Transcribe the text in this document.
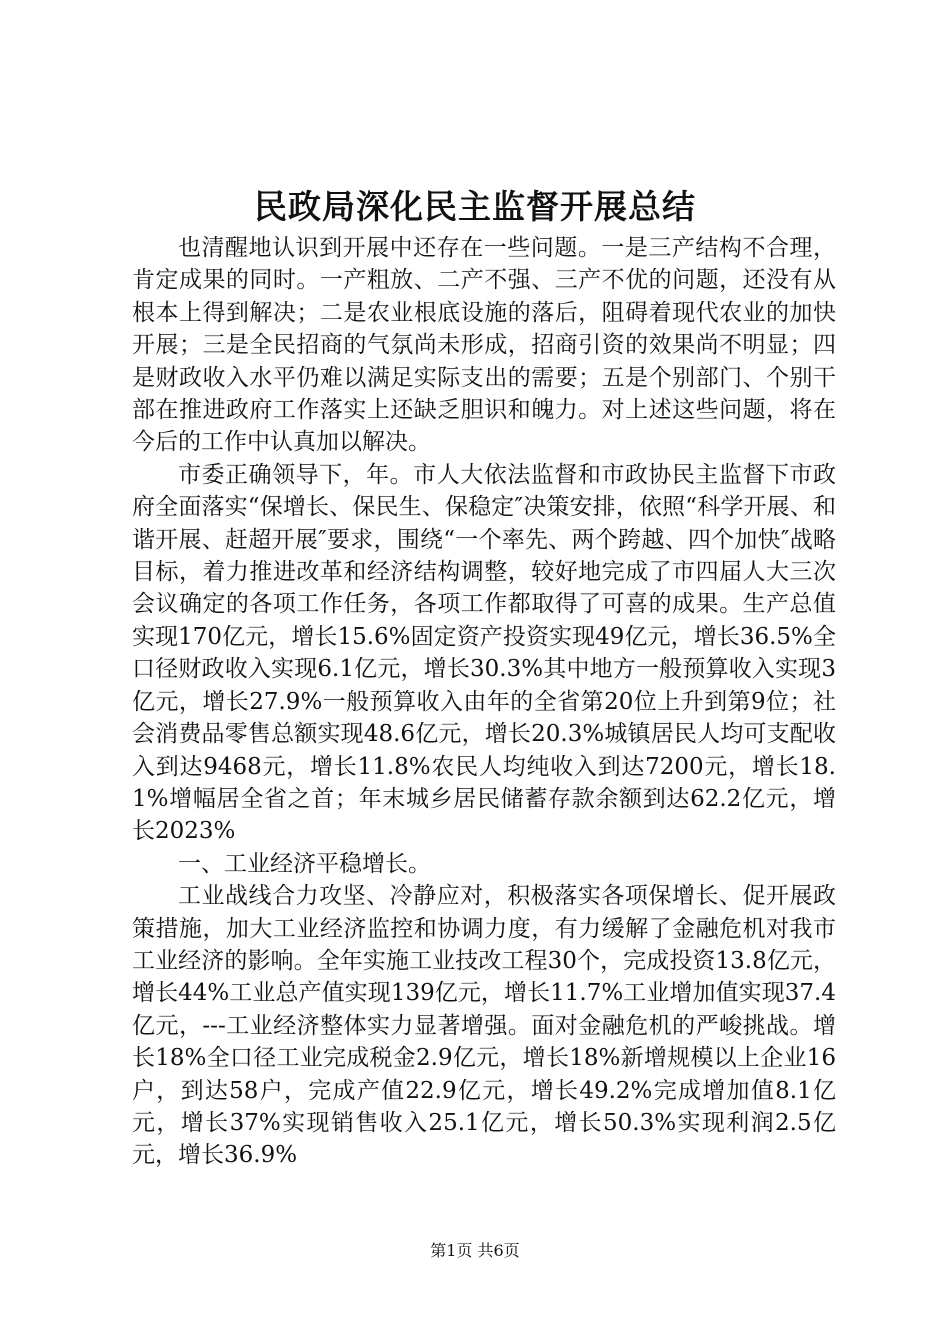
民政局深化民主监督开展总结

也清醒地认识到开展中还存在一些问题。一是三产结构不合理，肯定成果的同时。一产粗放、二产不强、三产不优的问题，还没有从根本上得到解决；二是农业根底设施的落后，阻碍着现代农业的加快开展；三是全民招商的气氛尚未形成，招商引资的效果尚不明显；四是财政收入水平仍难以满足实际支出的需要；五是个别部门、个别干部在推进政府工作落实上还缺乏胆识和魄力。对上述这些问题，将在今后的工作中认真加以解决。

市委正确领导下，年。市人大依法监督和市政协民主监督下市政府全面落实“保增长、保民生、保稳定″决策安排，依照“科学开展、和谐开展、赶超开展″要求，围绕“一个率先、两个跨越、四个加快″战略目标，着力推进改革和经济结构调整，较好地完成了市四届人大三次会议确定的各项工作任务，各项工作都取得了可喜的成果。生产总值实现170亿元，增长15.6%固定资产投资实现49亿元，增长36.5%全口径财政收入实现6.1亿元，增长30.3%其中地方一般预算收入实现3亿元，增长27.9%一般预算收入由年的全省第20位上升到第9位；社会消费品零售总额实现48.6亿元，增长20.3%城镇居民人均可支配收入到达9468元，增长11.8%农民人均纯收入到达7200元，增长18.1%增幅居全省之首；年末城乡居民储蓄存款余额到达62.2亿元，增长2023%

一、工业经济平稳增长。

工业战线合力攻坚、冷静应对，积极落实各项保增长、促开展政策措施，加大工业经济监控和协调力度，有力缓解了金融危机对我市工业经济的影响。全年实施工业技改工程30个，完成投资13.8亿元，增长44%工业总产值实现139亿元，增长11.7%工业增加值实现37.4亿元，---工业经济整体实力显著增强。面对金融危机的严峻挑战。增长18%全口径工业完成税金2.9亿元，增长18%新增规模以上企业16户，到达58户，完成产值22.9亿元，增长49.2%完成增加值8.1亿元，增长37%实现销售收入25.1亿元，增长50.3%实现利润2.5亿元，增长36.9%

第1页 共6页
